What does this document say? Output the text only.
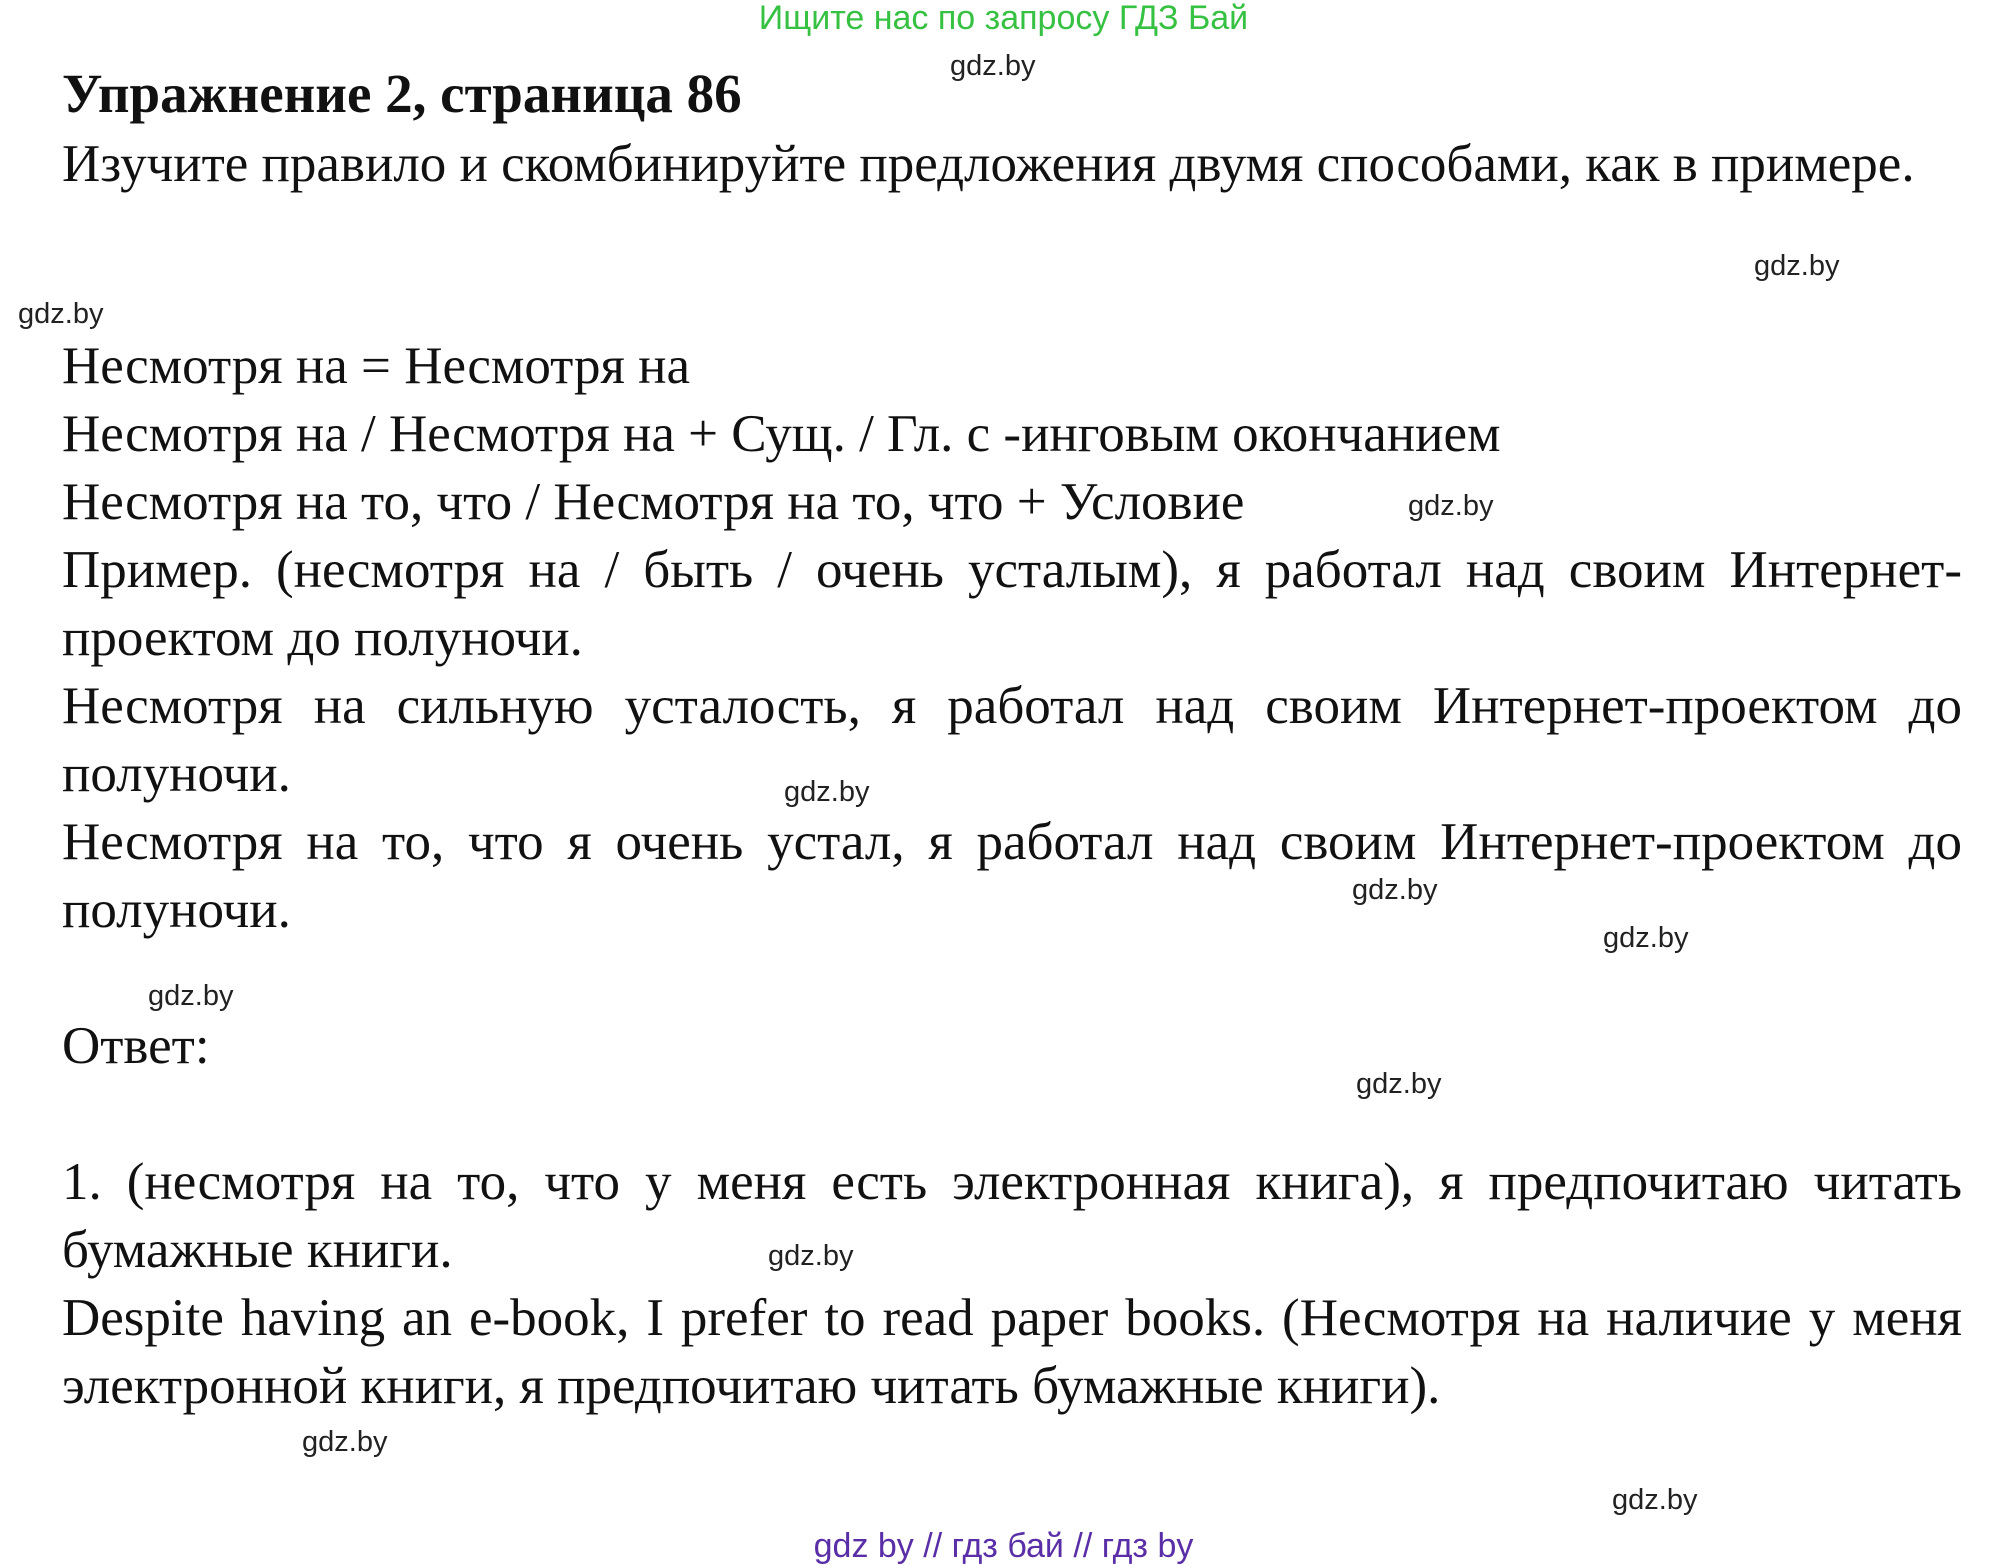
Ищите нас по запросу ГДЗ Бай
Упражнение 2, страница 86
Изучите правило и скомбинируйте предложения двумя способами, как в примере.
Несмотря на = Несмотря на
Несмотря на / Несмотря на + Сущ. / Гл. с -инговым окончанием
Несмотря на то, что / Несмотря на то, что + Условие
Пример. (несмотря на / быть / очень усталым), я работал над своим Интернет-проектом до полуночи.
Несмотря на сильную усталость, я работал над своим Интернет-проектом до полуночи.
Несмотря на то, что я очень устал, я работал над своим Интернет-проектом до полуночи.
Ответ:
1. (несмотря на то, что у меня есть электронная книга), я предпочитаю читать бумажные книги.
Despite having an e-book, I prefer to read paper books. (Несмотря на наличие у меня электронной книги, я предпочитаю читать бумажные книги).
gdz.by
gdz.by
gdz.by
gdz.by
gdz.by
gdz.by
gdz.by
gdz.by
gdz.by
gdz.by
gdz.by
gdz.by
gdz by // гдз бай // гдз by
